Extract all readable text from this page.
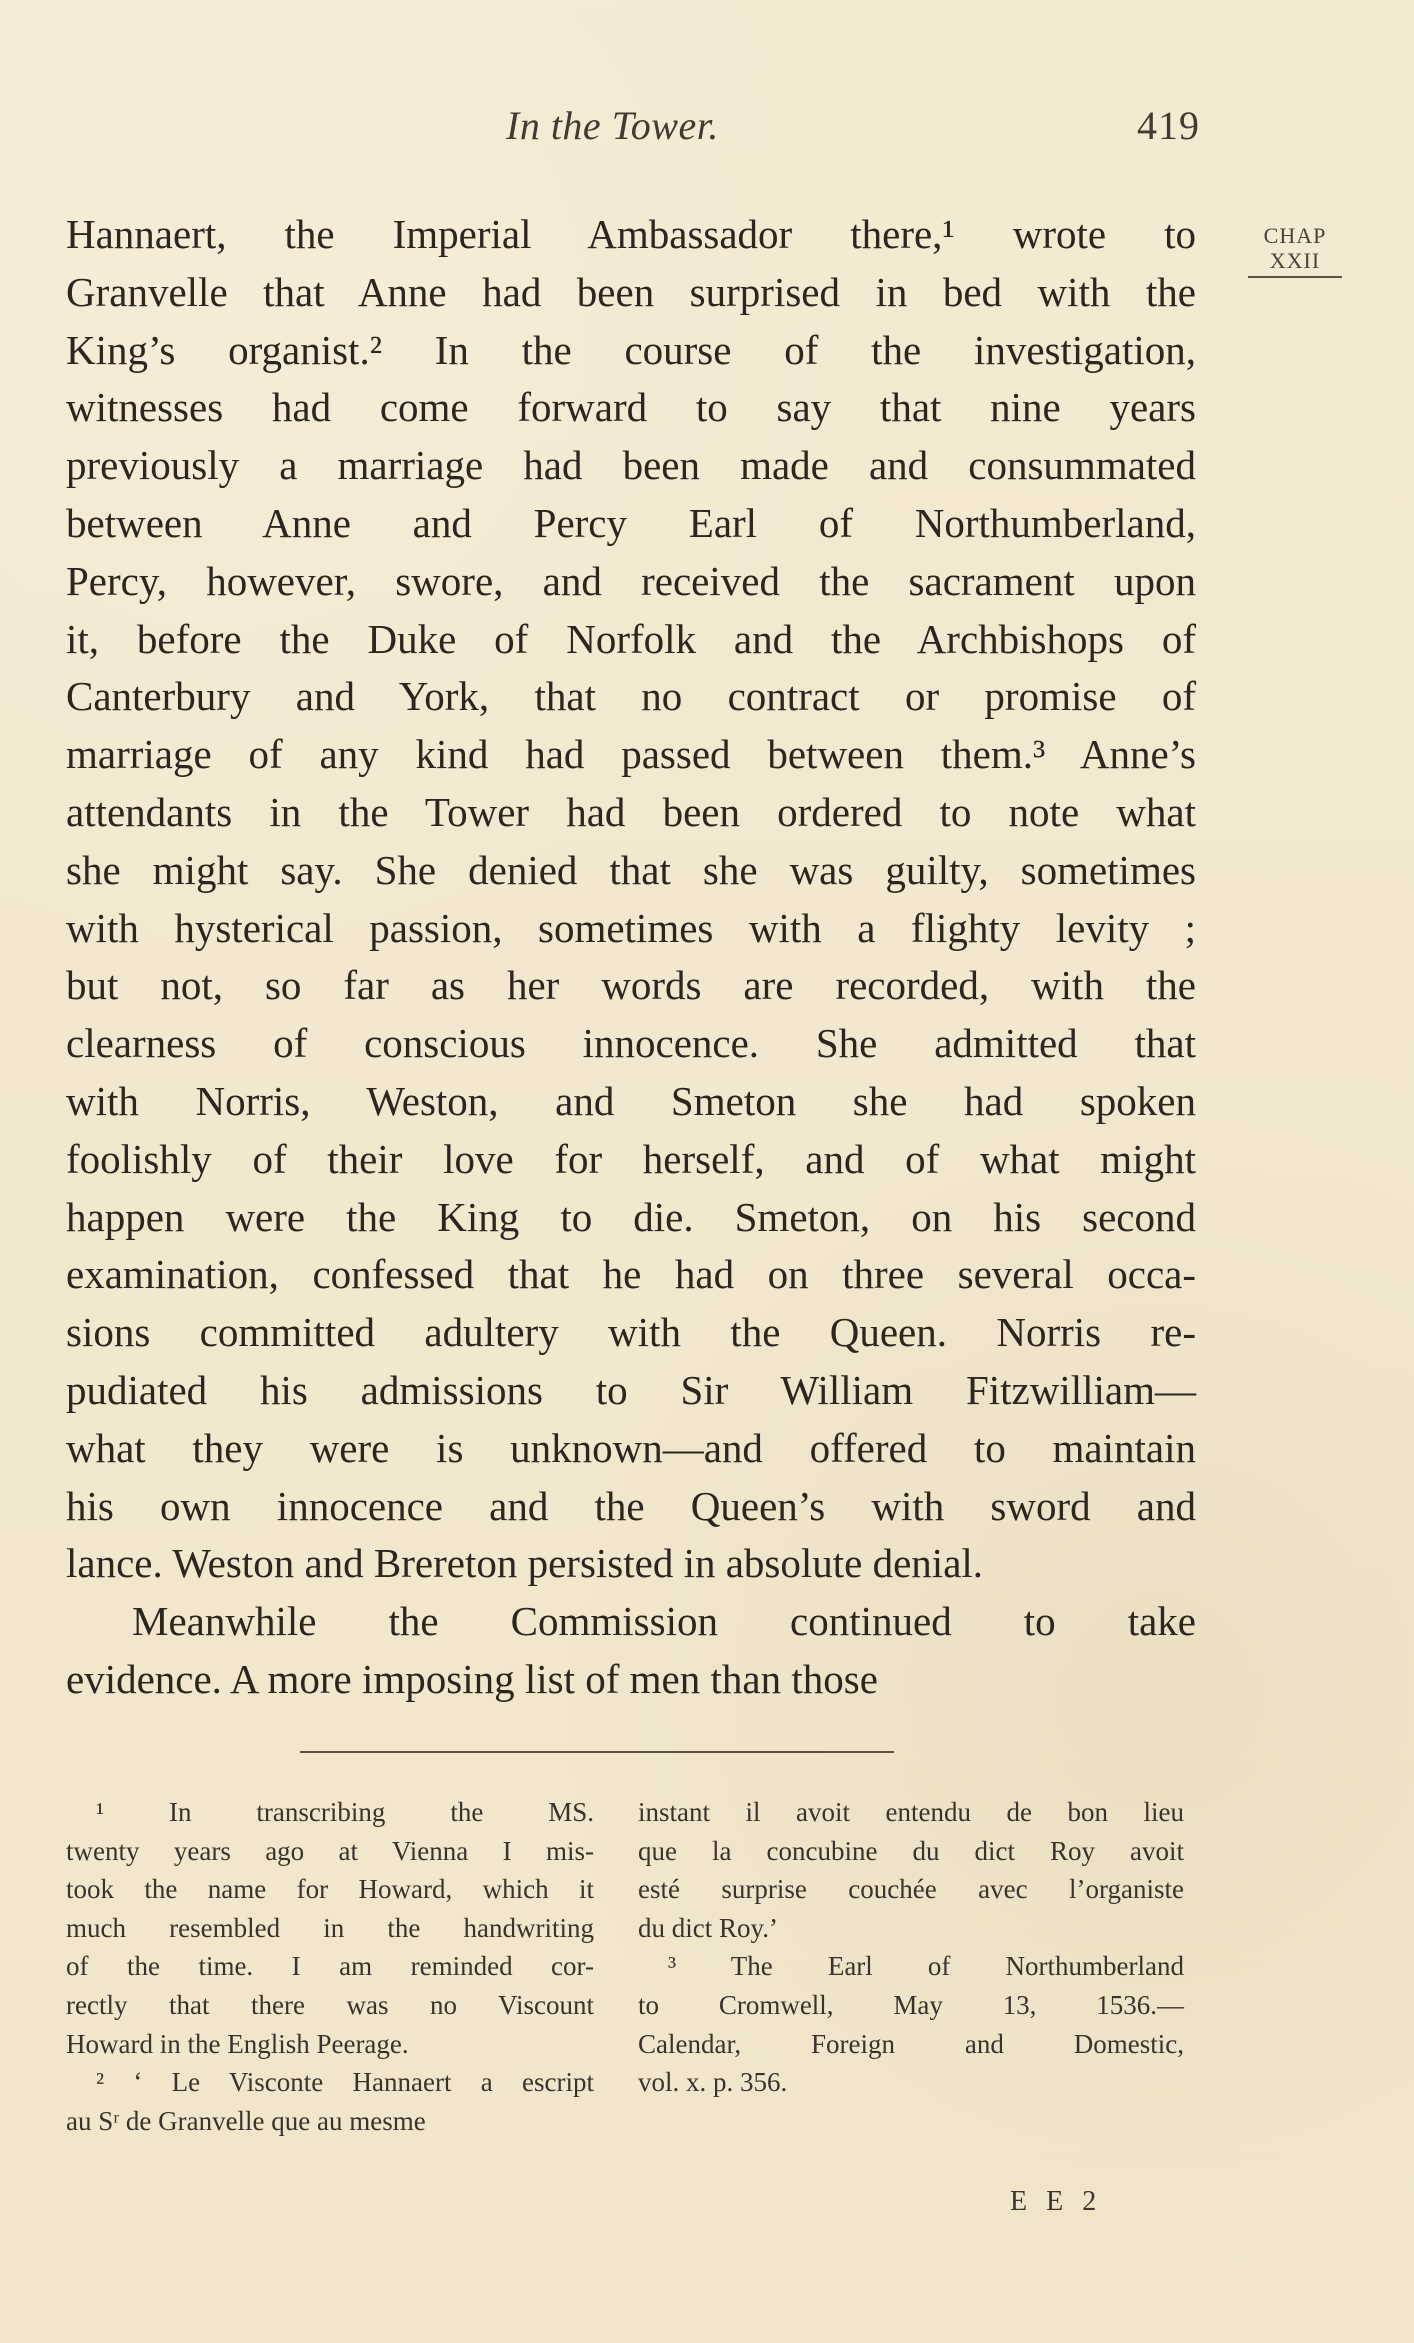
In the Tower.	419
CHAP
XXII
Hannaert, the Imperial Ambassador there,¹ wrote to
Granvelle that Anne had been surprised in bed with the
King’s organist.² In the course of the investigation,
witnesses had come forward to say that nine years
previously a marriage had been made and consummated
between Anne and Percy Earl of Northumberland,
Percy, however, swore, and received the sacrament upon
it, before the Duke of Norfolk and the Archbishops of
Canterbury and York, that no contract or promise of
marriage of any kind had passed between them.³ Anne’s
attendants in the Tower had been ordered to note what
she might say. She denied that she was guilty, sometimes
with hysterical passion, sometimes with a flighty levity ;
but not, so far as her words are recorded, with the
clearness of conscious innocence. She admitted that
with Norris, Weston, and Smeton she had spoken
foolishly of their love for herself, and of what might
happen were the King to die. Smeton, on his second
examination, confessed that he had on three several occa-
sions committed adultery with the Queen. Norris re-
pudiated his admissions to Sir William Fitzwilliam—
what they were is unknown—and offered to maintain
his own innocence and the Queen’s with sword and
lance. Weston and Brereton persisted in absolute denial.
Meanwhile the Commission continued to take
evidence. A more imposing list of men than those
¹ In transcribing the MS.
twenty years ago at Vienna I mis-
took the name for Howard, which it
much resembled in the handwriting
of the time. I am reminded cor-
rectly that there was no Viscount
Howard in the English Peerage.
² ‘ Le Visconte Hannaert a escript
au Sʳ de Granvelle que au mesme
instant il avoit entendu de bon lieu
que la concubine du dict Roy avoit
esté surprise couchée avec l’organiste
du dict Roy.’
³ The Earl of Northumberland
to Cromwell, May 13, 1536.—
Calendar, Foreign and Domestic,
vol. x. p. 356.
E E 2
